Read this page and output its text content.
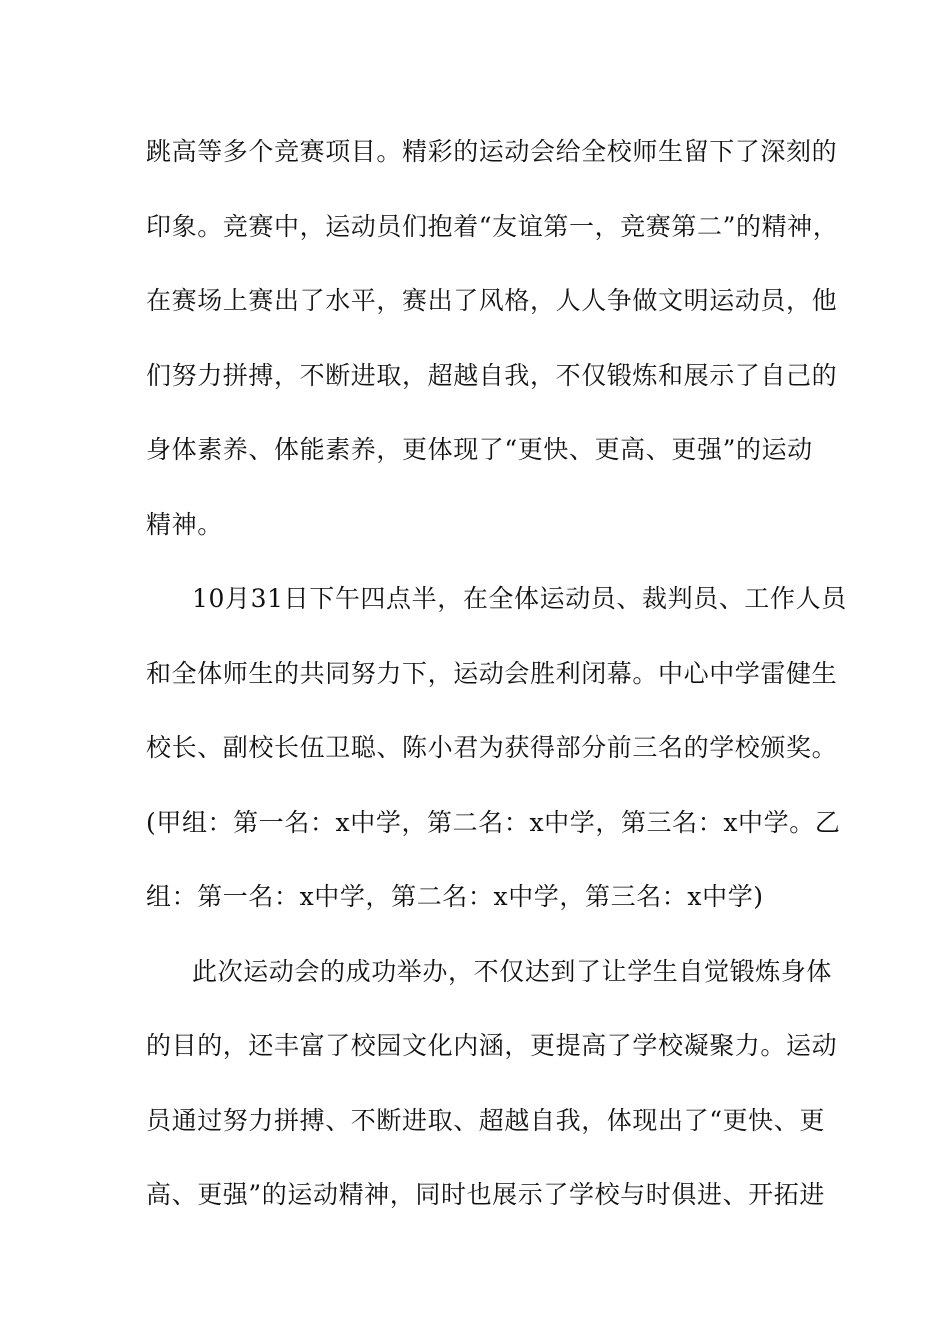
跳高等多个竞赛项目。精彩的运动会给全校师生留下了深刻的
印象。竞赛中，运动员们抱着“友谊第一，竞赛第二”的精神，
在赛场上赛出了水平，赛出了风格，人人争做文明运动员，他
们努力拼搏，不断进取，超越自我，不仅锻炼和展示了自己的
身体素养、体能素养，更体现了“更快、更高、更强”的运动
精神。
10月31日下午四点半，在全体运动员、裁判员、工作人员
和全体师生的共同努力下，运动会胜利闭幕。中心中学雷健生
校长、副校长伍卫聪、陈小君为获得部分前三名的学校颁奖。
(甲组：第一名：x中学，第二名：x中学，第三名：x中学。乙
组：第一名：x中学，第二名：x中学，第三名：x中学)
此次运动会的成功举办，不仅达到了让学生自觉锻炼身体
的目的，还丰富了校园文化内涵，更提高了学校凝聚力。运动
员通过努力拼搏、不断进取、超越自我，体现出了“更快、更
高、更强”的运动精神，同时也展示了学校与时俱进、开拓进
